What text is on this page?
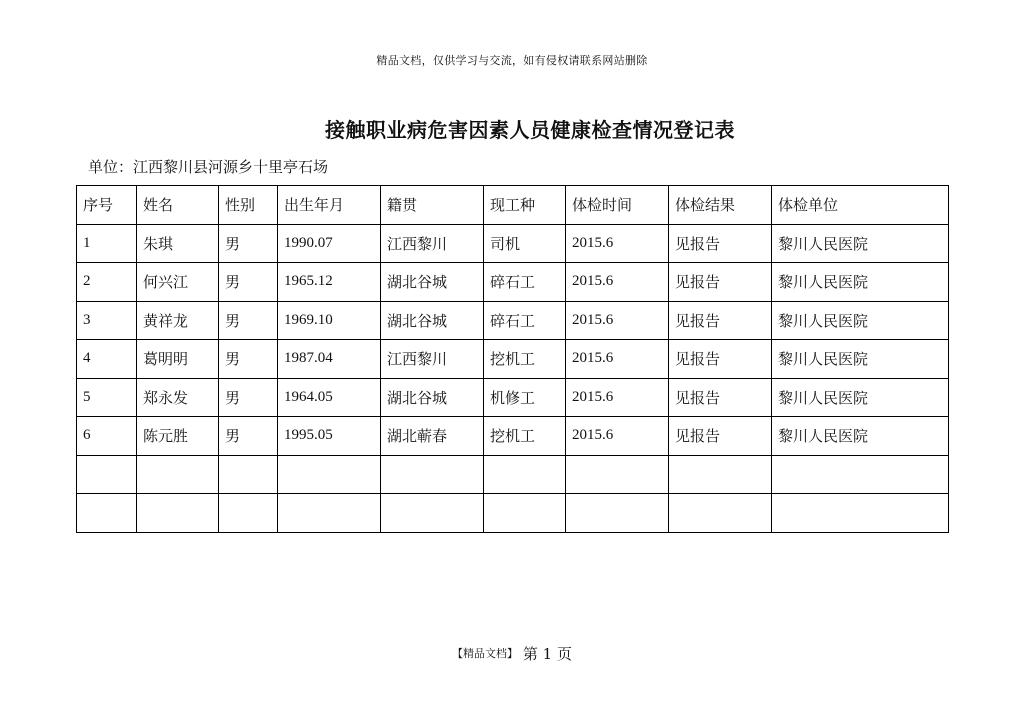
精品文档，仅供学习与交流，如有侵权请联系网站删除
接触职业病危害因素人员健康检查情况登记表
单位：江西黎川县河源乡十里亭石场
序号	姓名	性别	出生年月	籍贯	现工种	体检时间	体检结果	体检单位
1	朱琪	男	1990.07	江西黎川	司机	2015.6	见报告	黎川人民医院
2	何兴江	男	1965.12	湖北谷城	碎石工	2015.6	见报告	黎川人民医院
3	黄祥龙	男	1969.10	湖北谷城	碎石工	2015.6	见报告	黎川人民医院
4	葛明明	男	1987.04	江西黎川	挖机工	2015.6	见报告	黎川人民医院
5	郑永发	男	1964.05	湖北谷城	机修工	2015.6	见报告	黎川人民医院
6	陈元胜	男	1995.05	湖北蕲春	挖机工	2015.6	见报告	黎川人民医院

【精品文档】 第 1 页
